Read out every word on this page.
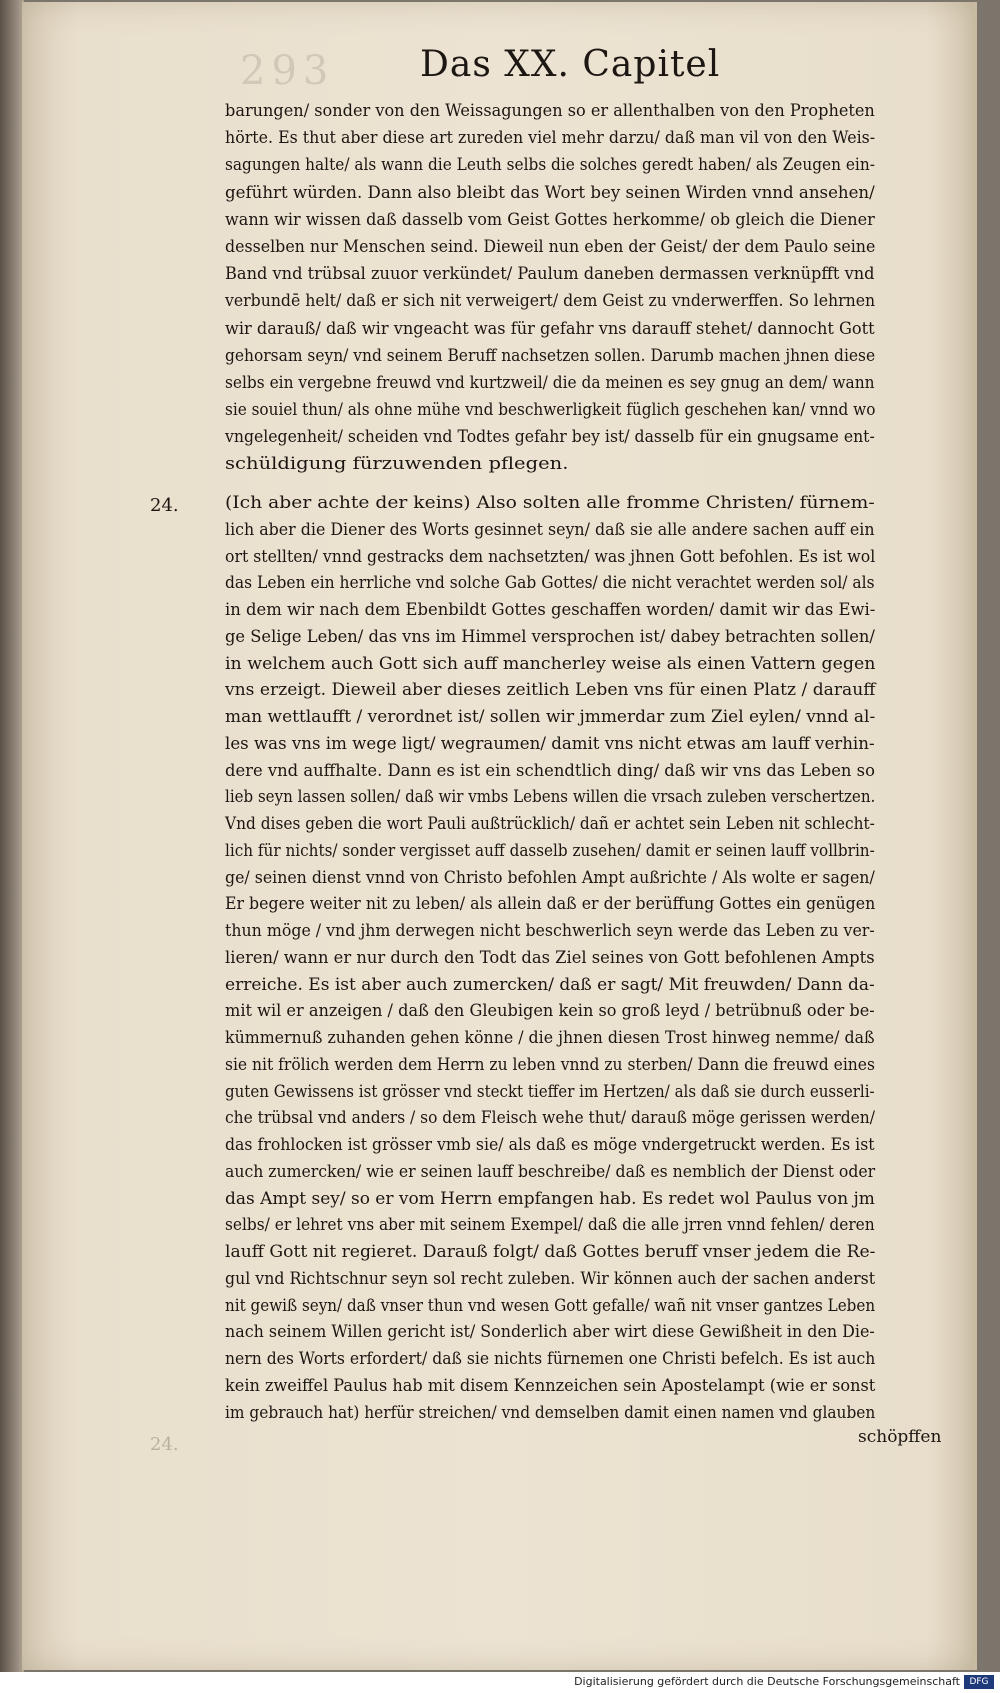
293	Das XX. Capitel
barungen/ sonder von den Weissagungen so er allenthalben von den Propheten
hörte. Es thut aber diese art zureden viel mehr darzu/ daß man vil von den Weis-
sagungen halte/ als wann die Leuth selbs die solches geredt haben/ als Zeugen ein-
geführt würden. Dann also bleibt das Wort bey seinen Wirden vnnd ansehen/
wann wir wissen daß dasselb vom Geist Gottes herkomme/ ob gleich die Diener
desselben nur Menschen seind. Dieweil nun eben der Geist/ der dem Paulo seine
Band vnd trübsal zuuor verkündet/ Paulum daneben dermassen verknüpfft vnd
verbundē helt/ daß er sich nit verweigert/ dem Geist zu vnderwerffen. So lehrnen
wir darauß/ daß wir vngeacht was für gefahr vns darauff stehet/ dannocht Gott
gehorsam seyn/ vnd seinem Beruff nachsetzen sollen. Darumb machen jhnen diese
selbs ein vergebne freuwd vnd kurtzweil/ die da meinen es sey gnug an dem/ wann
sie souiel thun/ als ohne mühe vnd beschwerligkeit füglich geschehen kan/ vnnd wo
vngelegenheit/ scheiden vnd Todtes gefahr bey ist/ dasselb für ein gnugsame ent-
schüldigung fürzuwenden pflegen.
24.	(Ich aber achte der keins) Also solten alle fromme Christen/ fürnem-
lich aber die Diener des Worts gesinnet seyn/ daß sie alle andere sachen auff ein
ort stellten/ vnnd gestracks dem nachsetzten/ was jhnen Gott befohlen. Es ist wol
das Leben ein herrliche vnd solche Gab Gottes/ die nicht verachtet werden sol/ als
in dem wir nach dem Ebenbildt Gottes geschaffen worden/ damit wir das Ewi-
ge Selige Leben/ das vns im Himmel versprochen ist/ dabey betrachten sollen/
in welchem auch Gott sich auff mancherley weise als einen Vattern gegen
vns erzeigt. Dieweil aber dieses zeitlich Leben vns für einen Platz / darauff
man wettlaufft / verordnet ist/ sollen wir jmmerdar zum Ziel eylen/ vnnd al-
les was vns im wege ligt/ wegraumen/ damit vns nicht etwas am lauff verhin-
dere vnd auffhalte. Dann es ist ein schendtlich ding/ daß wir vns das Leben so
lieb seyn lassen sollen/ daß wir vmbs Lebens willen die vrsach zuleben verschertzen.
Vnd dises geben die wort Pauli außtrücklich/ dañ er achtet sein Leben nit schlecht-
lich für nichts/ sonder vergisset auff dasselb zusehen/ damit er seinen lauff vollbrin-
ge/ seinen dienst vnnd von Christo befohlen Ampt außrichte / Als wolte er sagen/
Er begere weiter nit zu leben/ als allein daß er der berüffung Gottes ein genügen
thun möge / vnd jhm derwegen nicht beschwerlich seyn werde das Leben zu ver-
lieren/ wann er nur durch den Todt das Ziel seines von Gott befohlenen Ampts
erreiche. Es ist aber auch zumercken/ daß er sagt/ Mit freuwden/ Dann da-
mit wil er anzeigen / daß den Gleubigen kein so groß leyd / betrübnuß oder be-
kümmernuß zuhanden gehen könne / die jhnen diesen Trost hinweg nemme/ daß
sie nit frölich werden dem Herrn zu leben vnnd zu sterben/ Dann die freuwd eines
guten Gewissens ist grösser vnd steckt tieffer im Hertzen/ als daß sie durch eusserli-
che trübsal vnd anders / so dem Fleisch wehe thut/ darauß möge gerissen werden/
das frohlocken ist grösser vmb sie/ als daß es möge vndergetruckt werden. Es ist
auch zumercken/ wie er seinen lauff beschreibe/ daß es nemblich der Dienst oder
das Ampt sey/ so er vom Herrn empfangen hab. Es redet wol Paulus von jm
selbs/ er lehret vns aber mit seinem Exempel/ daß die alle jrren vnnd fehlen/ deren
lauff Gott nit regieret. Darauß folgt/ daß Gottes beruff vnser jedem die Re-
gul vnd Richtschnur seyn sol recht zuleben. Wir können auch der sachen anderst
nit gewiß seyn/ daß vnser thun vnd wesen Gott gefalle/ wañ nit vnser gantzes Leben
nach seinem Willen gericht ist/ Sonderlich aber wirt diese Gewißheit in den Die-
nern des Worts erfordert/ daß sie nichts fürnemen one Christi befelch. Es ist auch
kein zweiffel Paulus hab mit disem Kennzeichen sein Apostelampt (wie er sonst
im gebrauch hat) herfür streichen/ vnd demselben damit einen namen vnd glauben
schöpffen
24.
Digitalisierung gefördert durch die Deutsche Forschungsgemeinschaft	DFG
